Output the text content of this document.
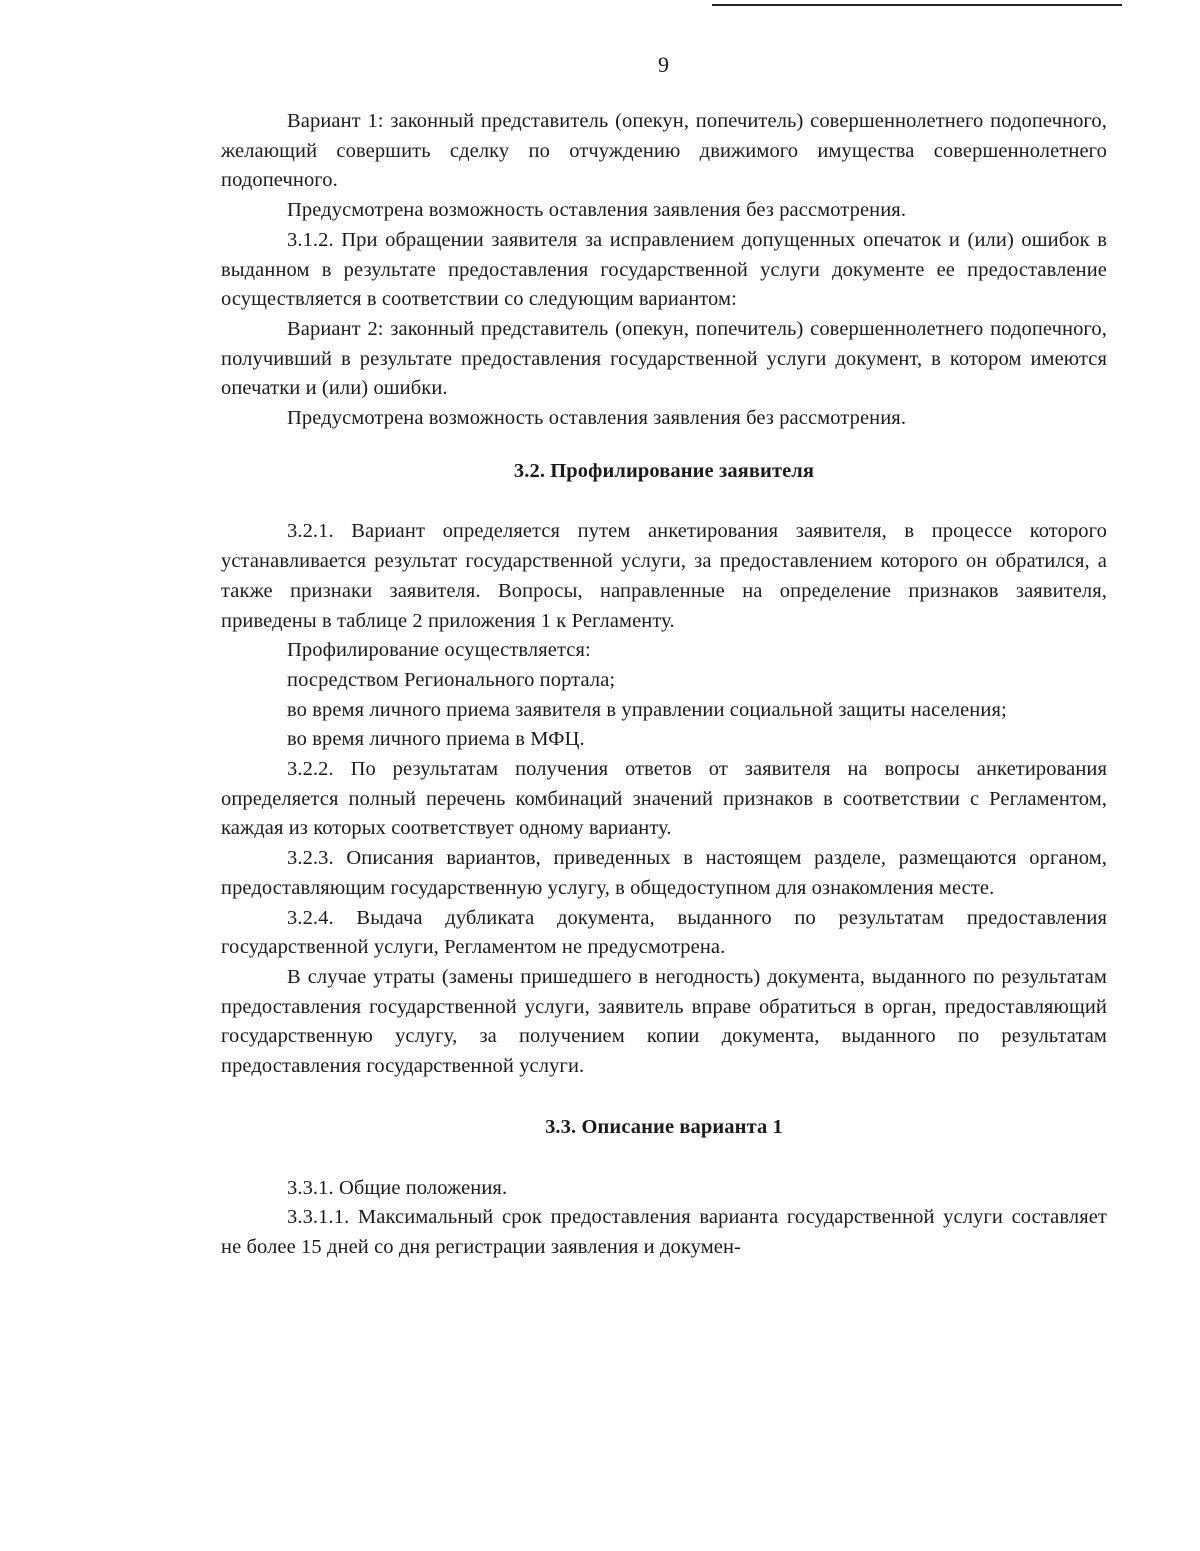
9

Вариант 1: законный представитель (опекун, попечитель) совершеннолетнего подопечного, желающий совершить сделку по отчуждению движимого имущества совершеннолетнего подопечного.

Предусмотрена возможность оставления заявления без рассмотрения.

3.1.2. При обращении заявителя за исправлением допущенных опечаток и (или) ошибок в выданном в результате предоставления государственной услуги документе ее предоставление осуществляется в соответствии со следующим вариантом:

Вариант 2: законный представитель (опекун, попечитель) совершеннолетнего подопечного, получивший в результате предоставления государственной услуги документ, в котором имеются опечатки и (или) ошибки.

Предусмотрена возможность оставления заявления без рассмотрения.

3.2. Профилирование заявителя

3.2.1. Вариант определяется путем анкетирования заявителя, в процессе которого устанавливается результат государственной услуги, за предоставлением которого он обратился, а также признаки заявителя. Вопросы, направленные на определение признаков заявителя, приведены в таблице 2 приложения 1 к Регламенту.

Профилирование осуществляется:

посредством Регионального портала;

во время личного приема заявителя в управлении социальной защиты населения;

во время личного приема в МФЦ.

3.2.2. По результатам получения ответов от заявителя на вопросы анкетирования определяется полный перечень комбинаций значений признаков в соответствии с Регламентом, каждая из которых соответствует одному варианту.

3.2.3. Описания вариантов, приведенных в настоящем разделе, размещаются органом, предоставляющим государственную услугу, в общедоступном для ознакомления месте.

3.2.4. Выдача дубликата документа, выданного по результатам предоставления государственной услуги, Регламентом не предусмотрена.

В случае утраты (замены пришедшего в негодность) документа, выданного по результатам предоставления государственной услуги, заявитель вправе обратиться в орган, предоставляющий государственную услугу, за получением копии документа, выданного по результатам предоставления государственной услуги.

3.3. Описание варианта 1

3.3.1. Общие положения.

3.3.1.1. Максимальный срок предоставления варианта государственной услуги составляет не более 15 дней со дня регистрации заявления и докумен-
